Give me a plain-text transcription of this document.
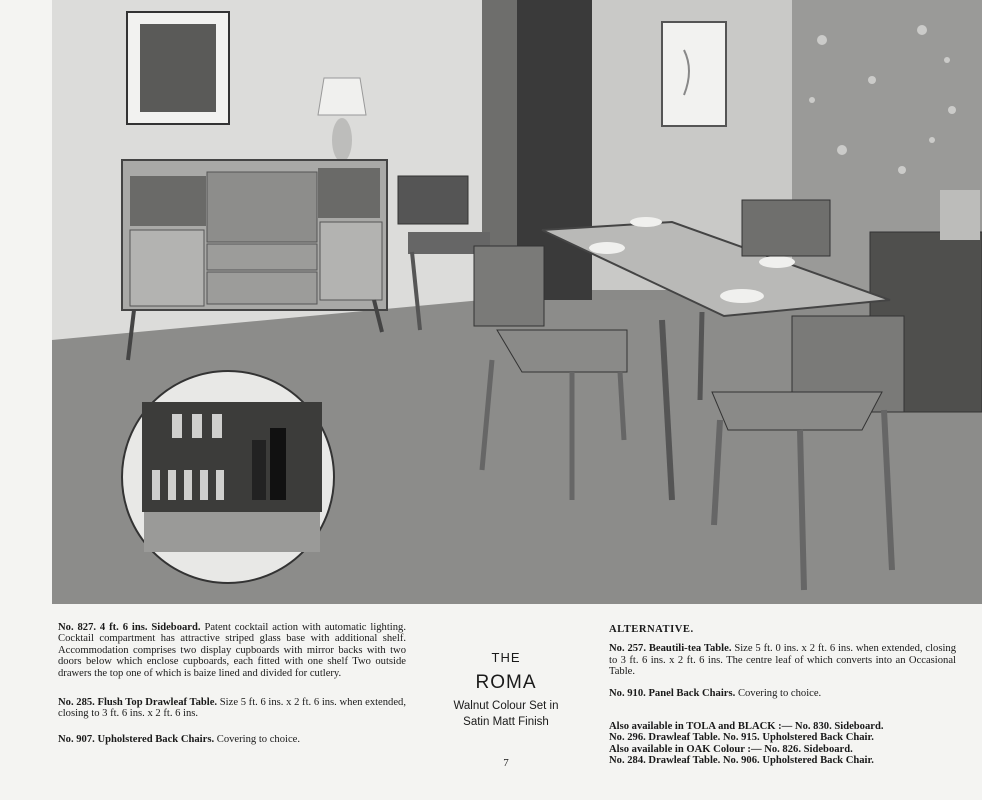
No. 827. 4 ft. 6 ins. Sideboard. Patent cocktail action with automatic lighting. Cocktail compartment has attractive striped glass base with additional shelf. Accommodation comprises two display cupboards with mirror backs with two doors below which enclose cupboards, each fitted with one shelf Two outside drawers the top one of which is baize lined and divided for cutlery.

No. 285. Flush Top Drawleaf Table. Size 5 ft. 6 ins. x 2 ft. 6 ins. when extended, closing to 3 ft. 6 ins. x 2 ft. 6 ins.

No. 907. Upholstered Back Chairs. Covering to choice.

THE
ROMA
Walnut Colour Set in
Satin Matt Finish
7

ALTERNATIVE.

No. 257. Beautili-tea Table. Size 5 ft. 0 ins. x 2 ft. 6 ins. when extended, closing to 3 ft. 6 ins. x 2 ft. 6 ins. The centre leaf of which converts into an Occasional Table.

No. 910. Panel Back Chairs. Covering to choice.

Also available in TOLA and BLACK :— No. 830. Sideboard.

No. 296. Drawleaf Table. No. 915. Upholstered Back Chair.

Also available in OAK Colour :— No. 826. Sideboard.

No. 284. Drawleaf Table. No. 906. Upholstered Back Chair.
